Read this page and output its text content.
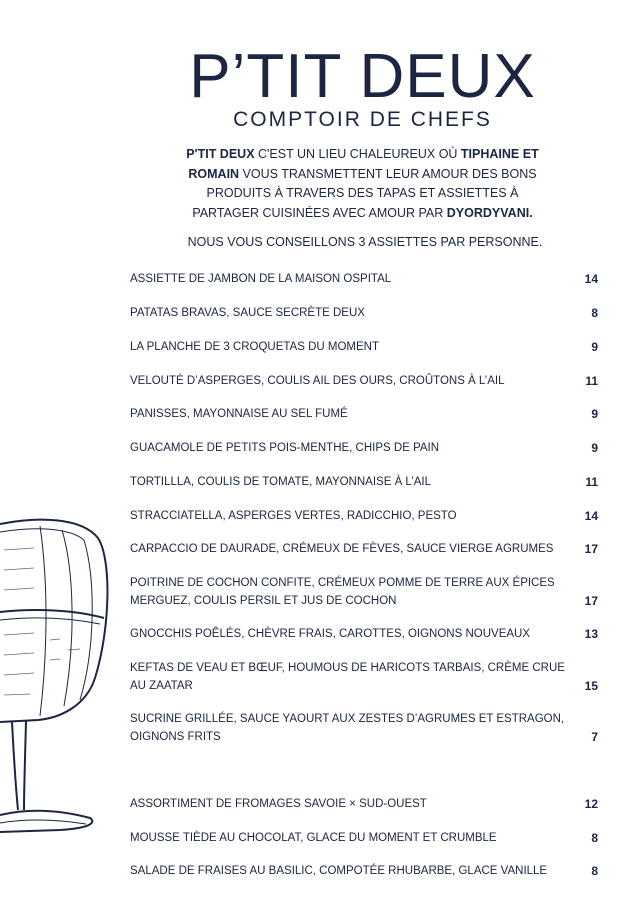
P’TIT DEUX
COMPTOIR DE CHEFS
P'TIT DEUX C'EST UN LIEU CHALEUREUX OÙ TIPHAINE ET ROMAIN VOUS TRANSMETTENT LEUR AMOUR DES BONS PRODUITS À TRAVERS DES TAPAS ET ASSIETTES À PARTAGER CUISINÉES AVEC AMOUR PAR DYORDYVANI.
NOUS VOUS CONSEILLONS 3 ASSIETTES PAR PERSONNE.
ASSIETTE DE JAMBON DE LA MAISON OSPITAL	14
PATATAS BRAVAS, SAUCE SECRÈTE DEUX	8
LA PLANCHE DE 3 CROQUETAS DU MOMENT	9
VELOUTÉ D’ASPERGES, COULIS AIL DES OURS, CROÛTONS À L’AIL	11
PANISSES, MAYONNAISE AU SEL FUMÉ	9
GUACAMOLE DE PETITS POIS-MENTHE, CHIPS DE PAIN	9
TORTILLLA, COULIS DE TOMATE, MAYONNAISE À L’AIL	11
STRACCIATELLA, ASPERGES VERTES, RADICCHIO, PESTO	14
CARPACCIO DE DAURADE, CRÉMEUX DE FÈVES, SAUCE VIERGE AGRUMES	17
POITRINE DE COCHON CONFITE, CRÉMEUX POMME DE TERRE AUX ÉPICES MERGUEZ, COULIS PERSIL ET JUS DE COCHON	17
GNOCCHIS POÊLÉS, CHÈVRE FRAIS, CAROTTES, OIGNONS NOUVEAUX	13
KEFTAS DE VEAU ET BŒUF, HOUMOUS DE HARICOTS TARBAIS, CRÈME CRUE AU ZAATAR	15
SUCRINE GRILLÉE, SAUCE YAOURT AUX ZESTES D’AGRUMES ET ESTRAGON, OIGNONS FRITS	7
ASSORTIMENT DE FROMAGES SAVOIE × SUD-OUEST	12
MOUSSE TIÈDE AU CHOCOLAT, GLACE DU MOMENT ET CRUMBLE	8
SALADE DE FRAISES AU BASILIC, COMPOTÉE RHUBARBE, GLACE VANILLE	8
